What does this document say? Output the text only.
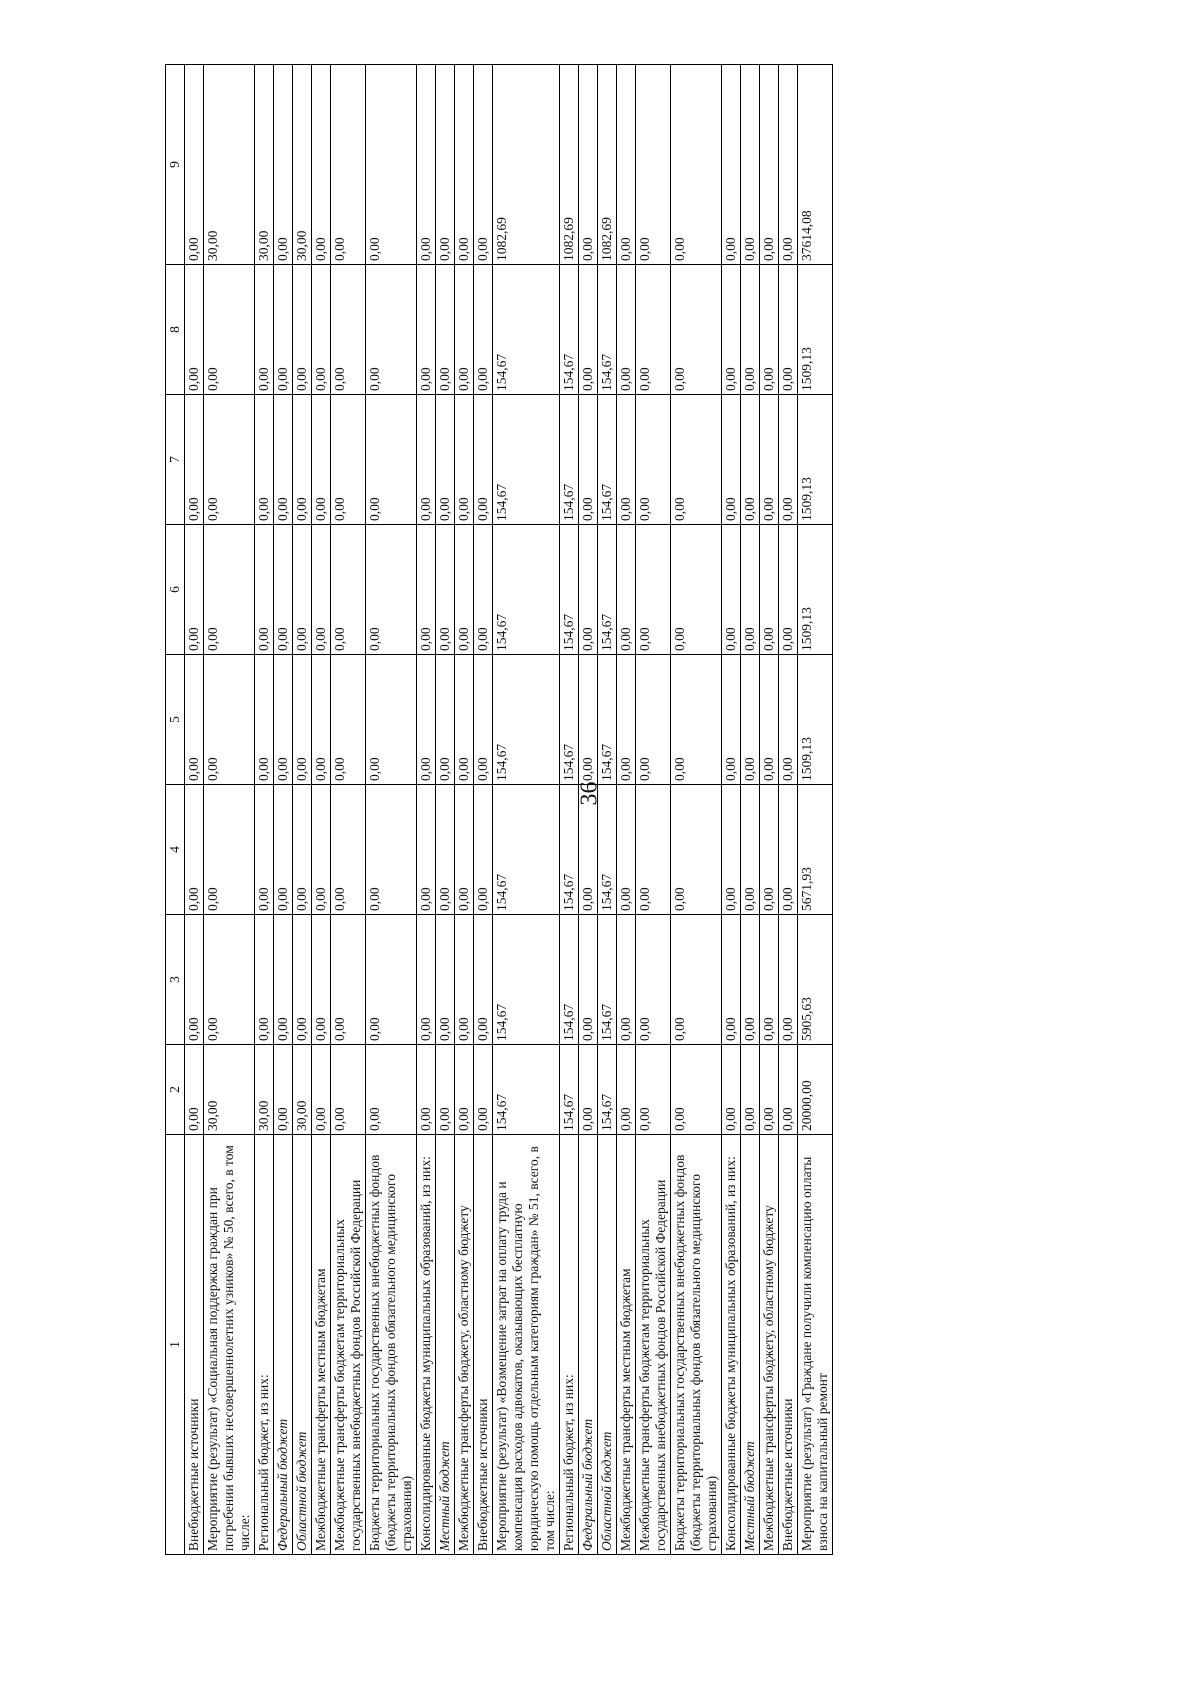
36
1	2	3	4	5	6	7	8	9
Внебюджетные источники	0,00	0,00	0,00	0,00	0,00	0,00	0,00	0,00
Мероприятие (результат) «Социальная поддержка граждан при погребении бывших несовершеннолетних узников» № 50, всего, в том числе:	30,00	0,00	0,00	0,00	0,00	0,00	0,00	30,00
Региональный бюджет, из них:	30,00	0,00	0,00	0,00	0,00	0,00	0,00	30,00
Федеральный бюджет	0,00	0,00	0,00	0,00	0,00	0,00	0,00	0,00
Областной бюджет	30,00	0,00	0,00	0,00	0,00	0,00	0,00	30,00
Межбюджетные трансферты местным бюджетам	0,00	0,00	0,00	0,00	0,00	0,00	0,00	0,00
Межбюджетные трансферты бюджетам территориальных государственных внебюджетных фондов Российской Федерации	0,00	0,00	0,00	0,00	0,00	0,00	0,00	0,00
Бюджеты территориальных государственных внебюджетных фондов (бюджеты территориальных фондов обязательного медицинского страхования)	0,00	0,00	0,00	0,00	0,00	0,00	0,00	0,00
Консолидированные бюджеты муниципальных образований, из них:	0,00	0,00	0,00	0,00	0,00	0,00	0,00	0,00
Местный бюджет	0,00	0,00	0,00	0,00	0,00	0,00	0,00	0,00
Межбюджетные трансферты бюджету, областному бюджету	0,00	0,00	0,00	0,00	0,00	0,00	0,00	0,00
Внебюджетные источники	0,00	0,00	0,00	0,00	0,00	0,00	0,00	0,00
Мероприятие (результат) «Возмещение затрат на оплату труда и компенсация расходов адвокатов, оказывающих бесплатную юридическую помощь отдельным категориям граждан» № 51, всего, в том числе:	154,67	154,67	154,67	154,67	154,67	154,67	154,67	1082,69
Региональный бюджет, из них:	154,67	154,67	154,67	154,67	154,67	154,67	154,67	1082,69
Федеральный бюджет	0,00	0,00	0,00	0,00	0,00	0,00	0,00	0,00
Областной бюджет	154,67	154,67	154,67	154,67	154,67	154,67	154,67	1082,69
Межбюджетные трансферты местным бюджетам	0,00	0,00	0,00	0,00	0,00	0,00	0,00	0,00
Межбюджетные трансферты бюджетам территориальных государственных внебюджетных фондов Российской Федерации	0,00	0,00	0,00	0,00	0,00	0,00	0,00	0,00
Бюджеты территориальных государственных внебюджетных фондов (бюджеты территориальных фондов обязательного медицинского страхования)	0,00	0,00	0,00	0,00	0,00	0,00	0,00	0,00
Консолидированные бюджеты муниципальных образований, из них:	0,00	0,00	0,00	0,00	0,00	0,00	0,00	0,00
Местный бюджет	0,00	0,00	0,00	0,00	0,00	0,00	0,00	0,00
Межбюджетные трансферты бюджету, областному бюджету	0,00	0,00	0,00	0,00	0,00	0,00	0,00	0,00
Внебюджетные источники	0,00	0,00	0,00	0,00	0,00	0,00	0,00	0,00
Мероприятие (результат) «Граждане получили компенсацию оплаты взноса на капитальный ремонт	20000,00	5905,63	5671,93	1509,13	1509,13	1509,13	1509,13	37614,08
